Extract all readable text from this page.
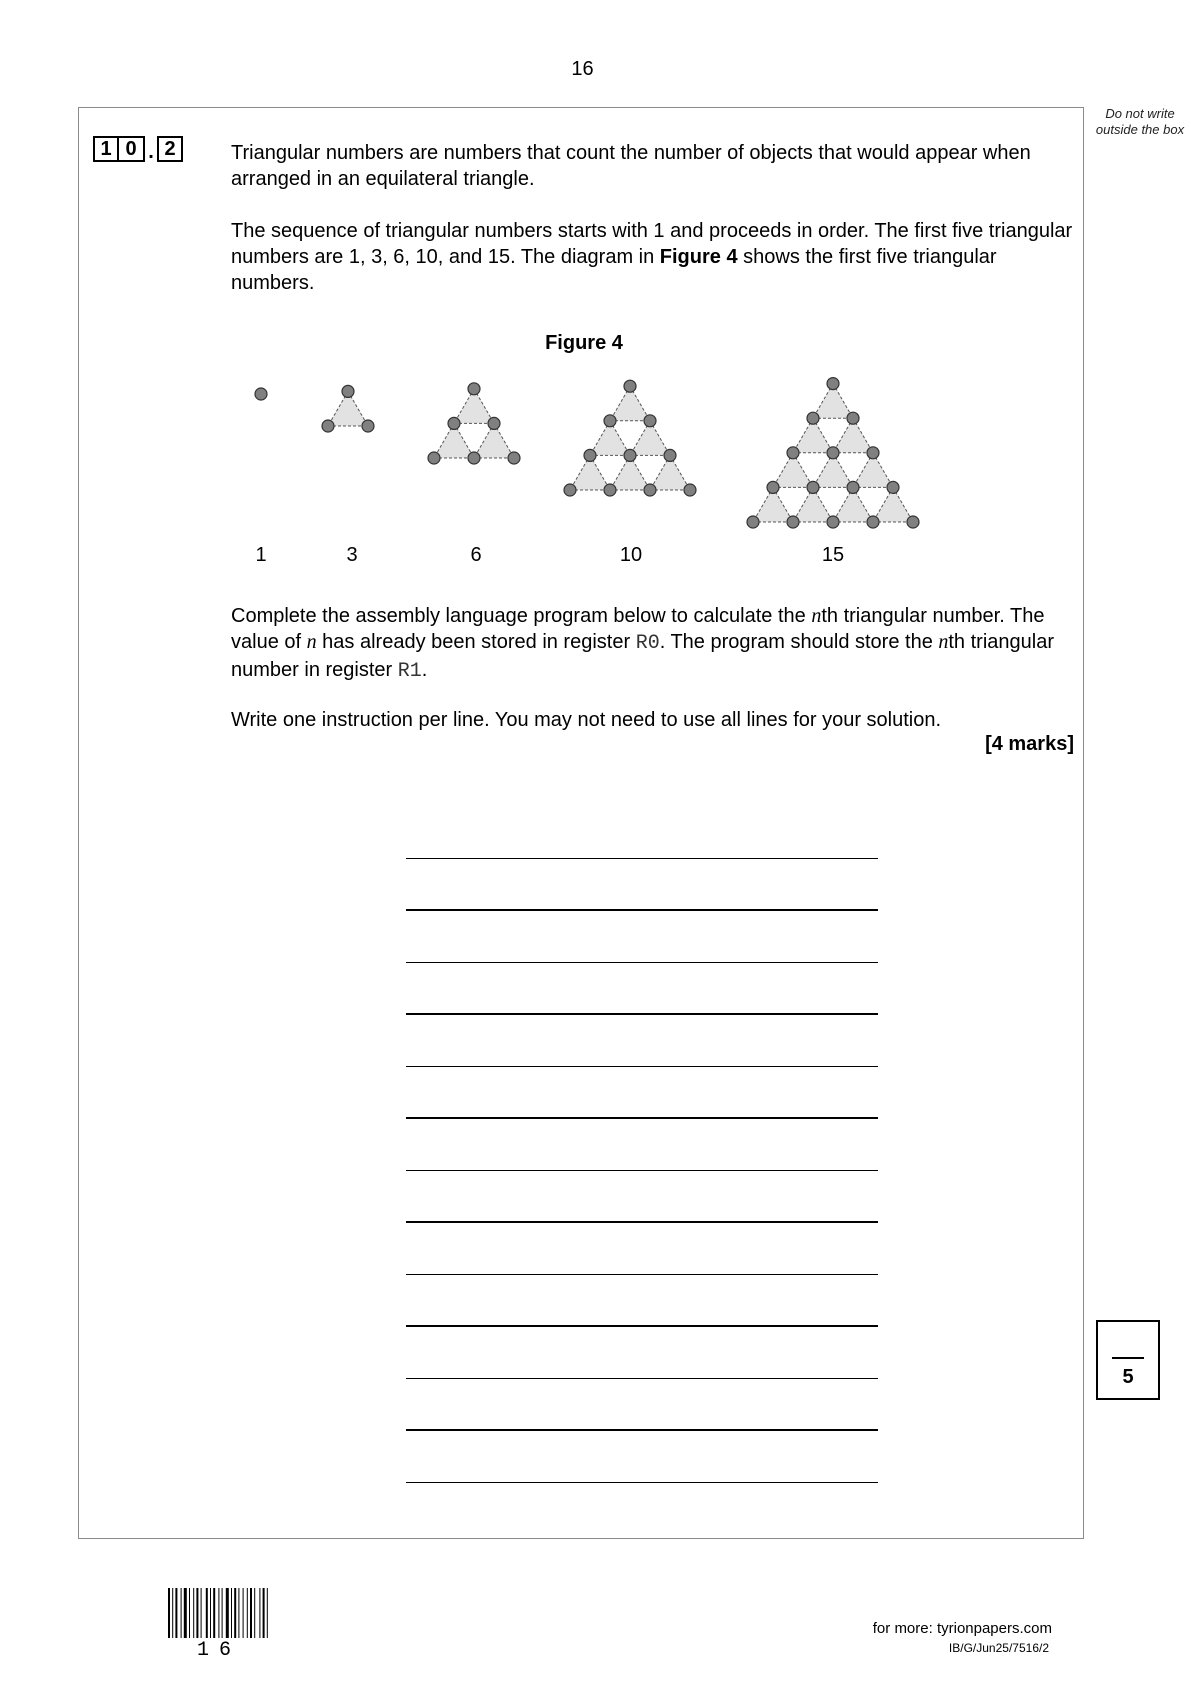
16
Do not write outside the box
1 0 . 2	Triangular numbers are numbers that count the number of objects that would appear when arranged in an equilateral triangle.
The sequence of triangular numbers starts with 1 and proceeds in order. The first five triangular numbers are 1, 3, 6, 10, and 15. The diagram in Figure 4 shows the first five triangular numbers.
Figure 4
1	3	6	10	15
Complete the assembly language program below to calculate the nth triangular number. The value of n has already been stored in register R0. The program should store the nth triangular number in register R1.
Write one instruction per line. You may not need to use all lines for your solution.
[4 marks]
5
16
for more: tyrionpapers.com
IB/G/Jun25/7516/2
